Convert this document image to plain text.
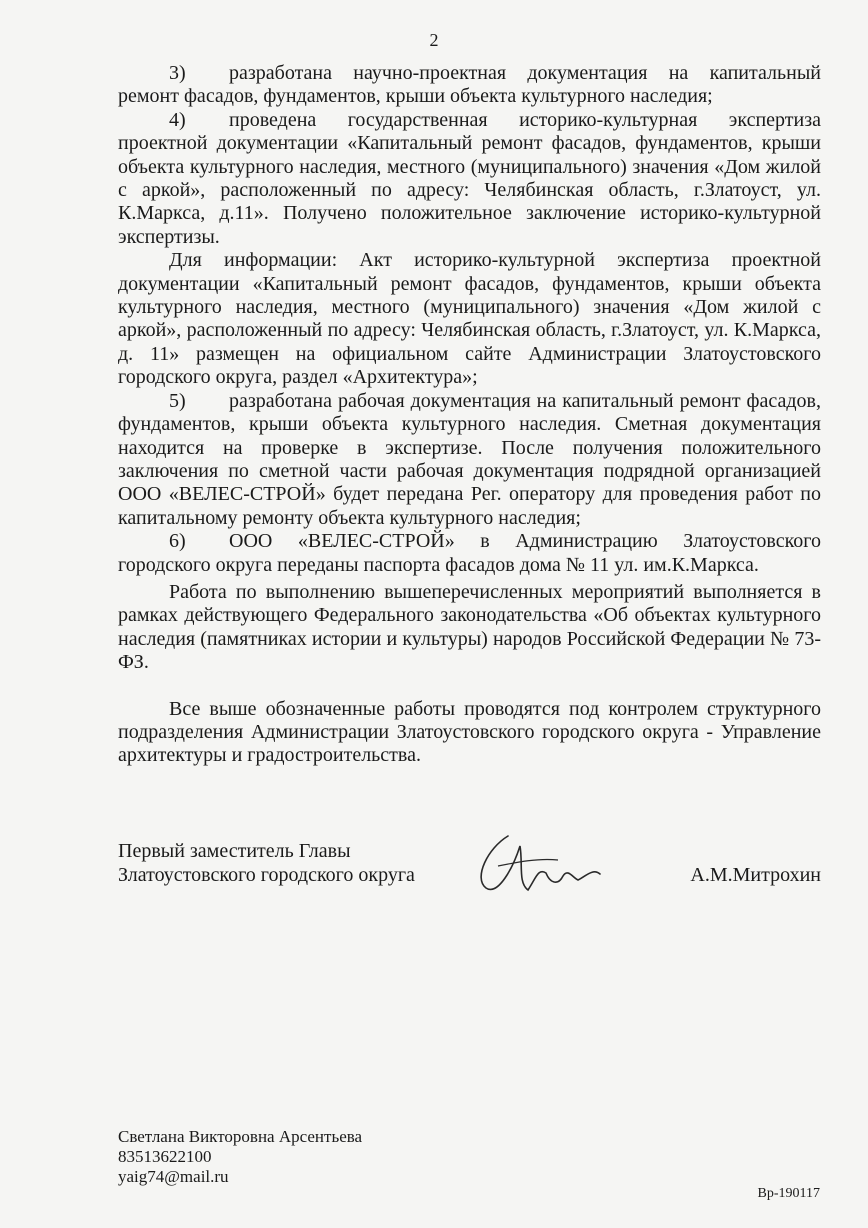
2

3) разработана научно-проектная документация на капитальный ремонт фасадов, фундаментов, крыши объекта культурного наследия;

4) проведена государственная историко-культурная экспертиза проектной документации «Капитальный ремонт фасадов, фундаментов, крыши объекта культурного наследия, местного (муниципального) значения «Дом жилой с аркой», расположенный по адресу: Челябинская область, г.Златоуст, ул. К.Маркса, д.11». Получено положительное заключение историко-культурной экспертизы.

Для информации: Акт историко-культурной экспертиза проектной документации «Капитальный ремонт фасадов, фундаментов, крыши объекта культурного наследия, местного (муниципального) значения «Дом жилой с аркой», расположенный по адресу: Челябинская область, г.Златоуст, ул. К.Маркса, д. 11» размещен на официальном сайте Администрации Златоустовского городского округа, раздел «Архитектура»;

5) разработана рабочая документация на капитальный ремонт фасадов, фундаментов, крыши объекта культурного наследия. Сметная документация находится на проверке в экспертизе. После получения положительного заключения по сметной части рабочая документация подрядной организацией ООО «ВЕЛЕС-СТРОЙ» будет передана Рег. оператору для проведения работ по капитальному ремонту объекта культурного наследия;

6) ООО «ВЕЛЕС-СТРОЙ» в Администрацию Златоустовского городского округа переданы паспорта фасадов дома № 11 ул. им.К.Маркса.

Работа по выполнению вышеперечисленных мероприятий выполняется в рамках действующего Федерального законодательства «Об объектах культурного наследия (памятниках истории и культуры) народов Российской Федерации № 73-ФЗ.

Все выше обозначенные работы проводятся под контролем структурного подразделения Администрации Златоустовского городского округа - Управление архитектуры и градостроительства.

Первый заместитель Главы
Златоустовского городского округа	А.М.Митрохин
Светлана Викторовна Арсентьева
83513622100
yaig74@mail.ru
Вр-190117
